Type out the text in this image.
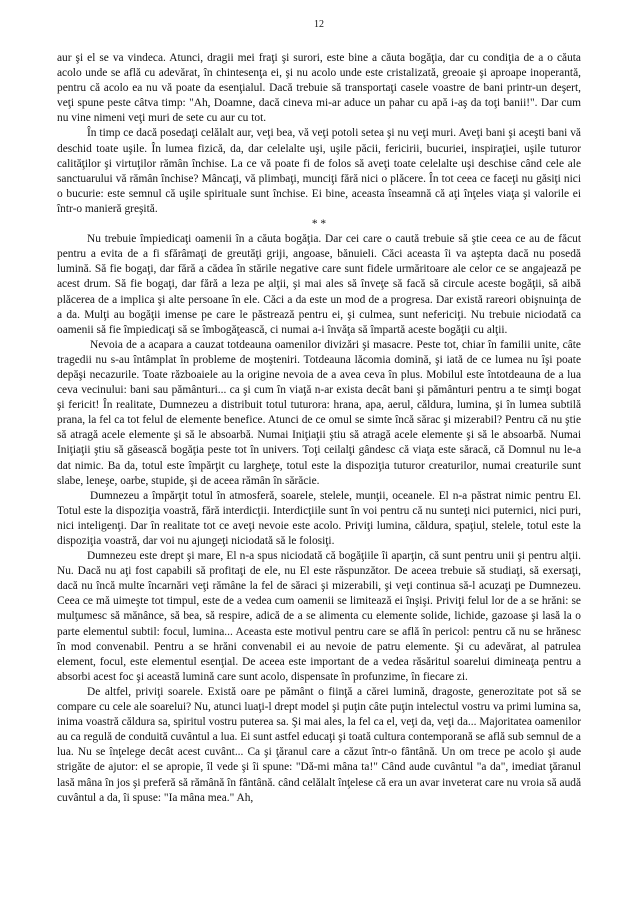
12

aur şi el se va vindeca. Atunci, dragii mei fraţi şi surori, este bine a căuta bogăţia, dar cu condiţia de a o căuta acolo unde se află cu adevărat, în chintesenţa ei, şi nu acolo unde este cristalizată, greoaie şi aproape inoperantă, pentru că acolo ea nu vă poate da esenţialul. Dacă trebuie să transportaţi casele voastre de bani printr-un deşert, veţi spune peste câtva timp: "Ah, Doamne, dacă cineva mi-ar aduce un pahar cu apă i-aş da toţi banii!". Dar cum nu vine nimeni veţi muri de sete cu aur cu tot.

În timp ce dacă posedaţi celălalt aur, veţi bea, vă veţi potoli setea şi nu veţi muri. Aveţi bani şi aceşti bani vă deschid toate uşile. În lumea fizică, da, dar celelalte uşi, uşile păcii, fericirii, bucuriei, inspiraţiei, uşile tuturor calităţilor şi virtuţilor rămân închise. La ce vă poate fi de folos să aveţi toate celelalte uşi deschise când cele ale sanctuarului vă rămân închise? Mâncaţi, vă plimbaţi, munciţi fără nici o plăcere. În tot ceea ce faceţi nu găsiţi nici o bucurie: este semnul că uşile spirituale sunt închise. Ei bine, aceasta înseamnă că aţi înţeles viaţa şi valorile ei într-o manieră greşită.

* *

Nu trebuie împiedicaţi oamenii în a căuta bogăţia. Dar cei care o caută trebuie să ştie ceea ce au de făcut pentru a evita de a fi sfărâmaţi de greutăţi griji, angoase, bănuieli. Căci aceasta îi va aştepta dacă nu posedă lumină. Să fie bogaţi, dar fără a cădea în stările negative care sunt fidele urmăritoare ale celor ce se angajează pe acest drum. Să fie bogaţi, dar fără a leza pe alţii, şi mai ales să înveţe să facă să circule aceste bogăţii, să aibă plăcerea de a implica şi alte persoane în ele. Căci a da este un mod de a progresa. Dar există rareori obişnuinţa de a da. Mulţi au bogăţii imense pe care le păstrează pentru ei, şi culmea, sunt nefericiţi. Nu trebuie niciodată ca oamenii să fie împiedicaţi să se îmbogăţească, ci numai a-i învăţa să împartă aceste bogăţii cu alţii.

Nevoia de a acapara a cauzat totdeauna oamenilor divizări şi masacre. Peste tot, chiar în familii unite, câte tragedii nu s-au întâmplat în probleme de moşteniri. Totdeauna lăcomia domină, şi iată de ce lumea nu îşi poate depăşi necazurile. Toate războaiele au la origine nevoia de a avea ceva în plus. Mobilul este întotdeauna de a lua ceva vecinului: bani sau pământuri... ca şi cum în viaţă n-ar exista decât bani şi pământuri pentru a te simţi bogat şi fericit! În realitate, Dumnezeu a distribuit totul tuturora: hrana, apa, aerul, căldura, lumina, şi în lumea subtilă prana, la fel ca tot felul de elemente benefice. Atunci de ce omul se simte încă sărac şi mizerabil? Pentru că nu ştie să atragă acele elemente şi să le absoarbă. Numai Iniţiaţii ştiu să atragă acele elemente şi să le absoarbă. Numai Iniţiaţii ştiu să găsească bogăţia peste tot în univers. Toţi ceilalţi gândesc că viaţa este săracă, că Domnul nu le-a dat nimic. Ba da, totul este împărţit cu largheţe, totul este la dispoziţia tuturor creaturilor, numai creaturile sunt slabe, leneşe, oarbe, stupide, şi de aceea rămân în sărăcie.

Dumnezeu a împărţit totul în atmosferă, soarele, stelele, munţii, oceanele. El n-a păstrat nimic pentru El. Totul este la dispoziţia voastră, fără interdicţii. Interdicţiile sunt în voi pentru că nu sunteţi nici puternici, nici puri, nici inteligenţi. Dar în realitate tot ce aveţi nevoie este acolo. Priviţi lumina, căldura, spaţiul, stelele, totul este la dispoziţia voastră, dar voi nu ajungeţi niciodată să le folosiţi.

Dumnezeu este drept şi mare, El n-a spus niciodată că bogăţiile îi aparţin, că sunt pentru unii şi pentru alţii. Nu. Dacă nu aţi fost capabili să profitaţi de ele, nu El este răspunzător. De aceea trebuie să studiaţi, să exersaţi, dacă nu încă multe încarnări veţi rămâne la fel de săraci şi mizerabili, şi veţi continua să-l acuzaţi pe Dumnezeu. Ceea ce mă uimeşte tot timpul, este de a vedea cum oamenii se limitează ei înşişi. Priviţi felul lor de a se hrăni: se mulţumesc să mănânce, să bea, să respire, adică de a se alimenta cu elemente solide, lichide, gazoase şi lasă la o parte elementul subtil: focul, lumina... Aceasta este motivul pentru care se află în pericol: pentru că nu se hrănesc în mod convenabil. Pentru a se hrăni convenabil ei au nevoie de patru elemente. Şi cu adevărat, al patrulea element, focul, este elementul esenţial. De aceea este important de a vedea răsăritul soarelui dimineaţa pentru a absorbi acest foc şi această lumină care sunt acolo, dispensate în profunzime, în fiecare zi.

De altfel, priviţi soarele. Există oare pe pământ o fiinţă a cărei lumină, dragoste, generozitate pot să se compare cu cele ale soarelui? Nu, atunci luaţi-l drept model şi puţin câte puţin intelectul vostru va primi lumina sa, inima voastră căldura sa, spiritul vostru puterea sa. Şi mai ales, la fel ca el, veţi da, veţi da... Majoritatea oamenilor au ca regulă de conduită cuvântul a lua. Ei sunt astfel educaţi şi toată cultura contemporană se află sub semnul de a lua. Nu se înţelege decât acest cuvânt... Ca şi ţăranul care a căzut într-o fântână. Un om trece pe acolo şi aude strigăte de ajutor: el se apropie, îl vede şi îi spune: "Dă-mi mâna ta!" Când aude cuvântul "a da", imediat ţăranul lasă mâna în jos şi preferă să rămână în fântână. când celălalt înţelese că era un avar inveterat care nu vroia să audă cuvântul a da, îi spuse: "Ia mâna mea." Ah,
